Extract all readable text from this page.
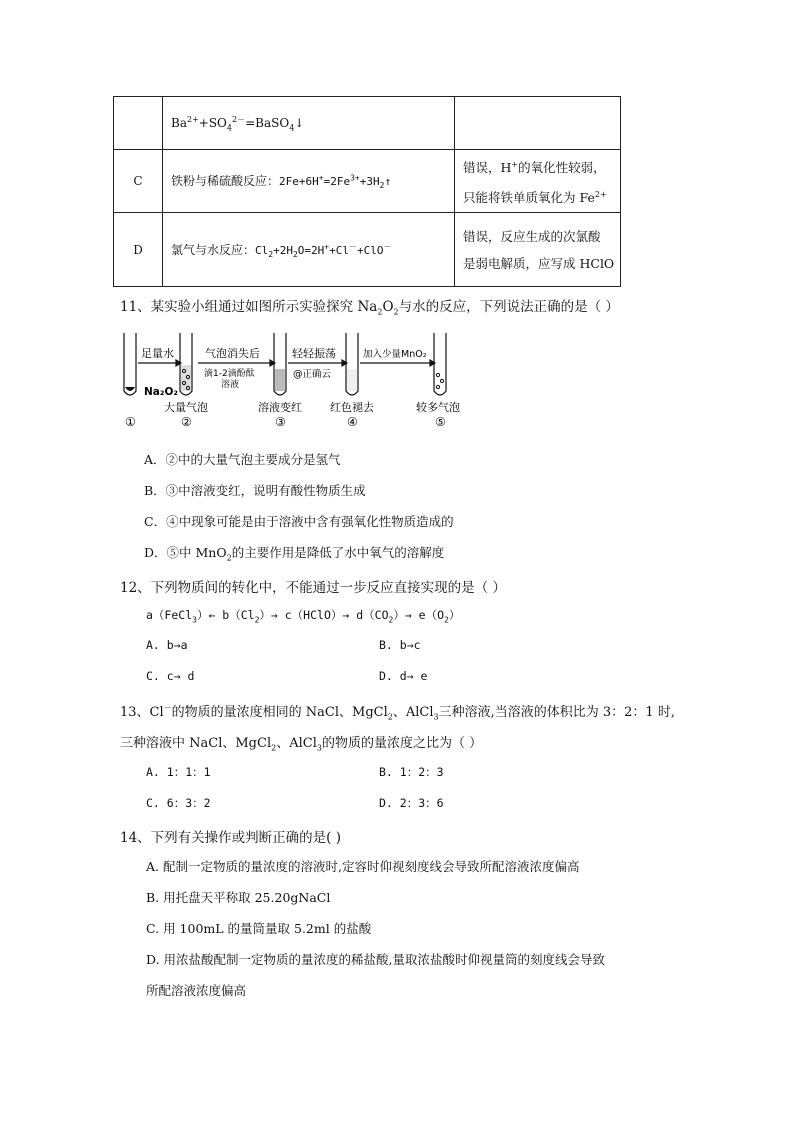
	$Ba^{2+}+SO_4^{2-}=BaSO_4↓$	
C	铁粉与稀硫酸反应：$2Fe+6H^+=2Fe^{3+}+3H_2↑$	错误，H+的氧化性较弱，
只能将铁单质氧化为 $Fe^{2+}$

D	氯气与水反应：$Cl_2+2H_2O=2H^++Cl^-+ClO^-$	错误，反应生成的次氯酸
是弱电解质，应写成 HClO
11、某实验小组通过如图所示实验探究 $Na_2O_2$与水的反应，下列说法正确的是（ ）
足量水	气泡消失后	轻轻振荡	加入少量MnO₂
滴1-2滴酚酞
溶液
@正确云
Na₂O₂
大量气泡	溶液变红	红色褪去	较多气泡
①	②	③	④	⑤
A．②中的大量气泡主要成分是氢气
B．③中溶液变红，说明有酸性物质生成
C．④中现象可能是由于溶液中含有强氧化性物质造成的
D．⑤中 MnO$_2$的主要作用是降低了水中氧气的溶解度
12、下列物质间的转化中，不能通过一步反应直接实现的是（ ）
a（FeCl$_3$）← $b(Cl_2)\to$ c（HClO）→ $d(CO_2)\to e(O_2)$
A. b→a	B. b→c
C. c→ d	D. d→ e
13、Cl－的物质的量浓度相同的 NaCl、MgCl$_2$、AlCl$_3$三种溶液,当溶液的体积比为 3：2：1 时,
三种溶液中 NaCl、MgCl$_2$、AlCl$_3$的物质的量浓度之比为（ ）
A. 1：1：1	B. 1：2：3
C. 6：3：2	D. 2：3：6
14、下列有关操作或判断正确的是( )
A. 配制一定物质的量浓度的溶液时,定容时仰视刻度线会导致所配溶液浓度偏高
B. 用托盘天平称取 25.20gNaCl
C. 用 100mL 的量筒量取 5.2ml 的盐酸
D. 用浓盐酸配制一定物质的量浓度的稀盐酸,量取浓盐酸时仰视量筒的刻度线会导致
所配溶液浓度偏高
